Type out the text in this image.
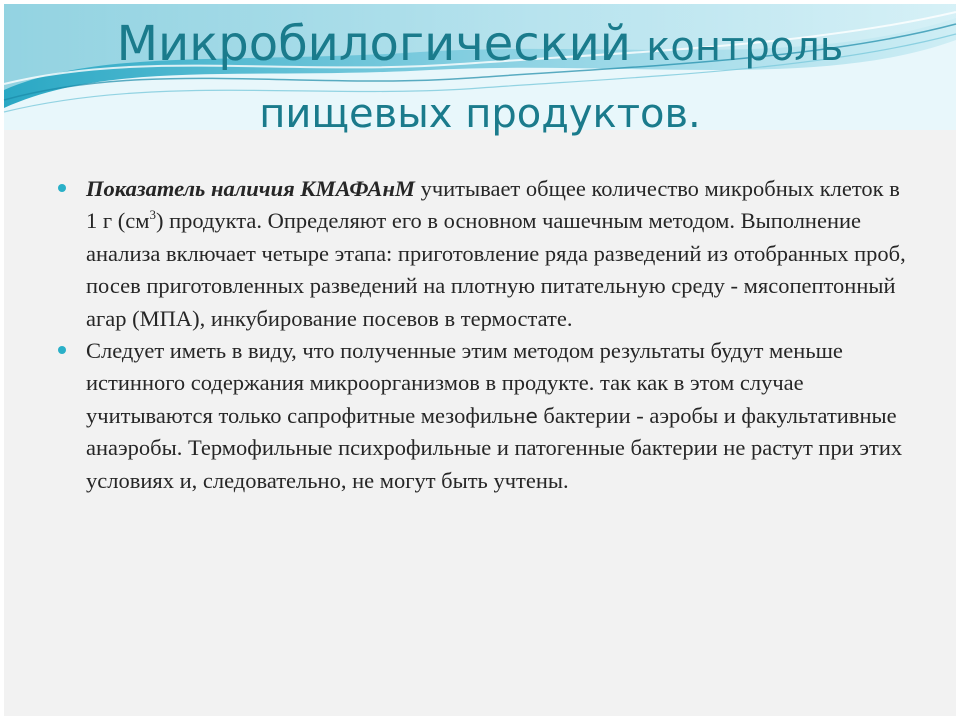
Микробилогический контроль
пищевых продуктов.
Показатель наличия КМАФАнМ учитывает общее количество микробных клеток в 1 г $(см^3)$ продукта. Определяют его в основном чашечным методом. Выполнение анализа включает четыре этапа: приготовление ряда разведений из отобранных проб, посев приготовленных разведений на плотную питательную среду - мясопептонный агар (МПА), инкубирование посевов в термостате.
Следует иметь в виду, что полученные этим методом результаты будут меньше истинного содержания микроорганизмов в продукте. так как в этом случае учитываются только сапрофитные мезофильне бактерии - аэробы и факультативные анаэробы. Термофильные психрофильные и патогенные бактерии не растут при этих условиях и, следовательно, не могут быть учтены.
